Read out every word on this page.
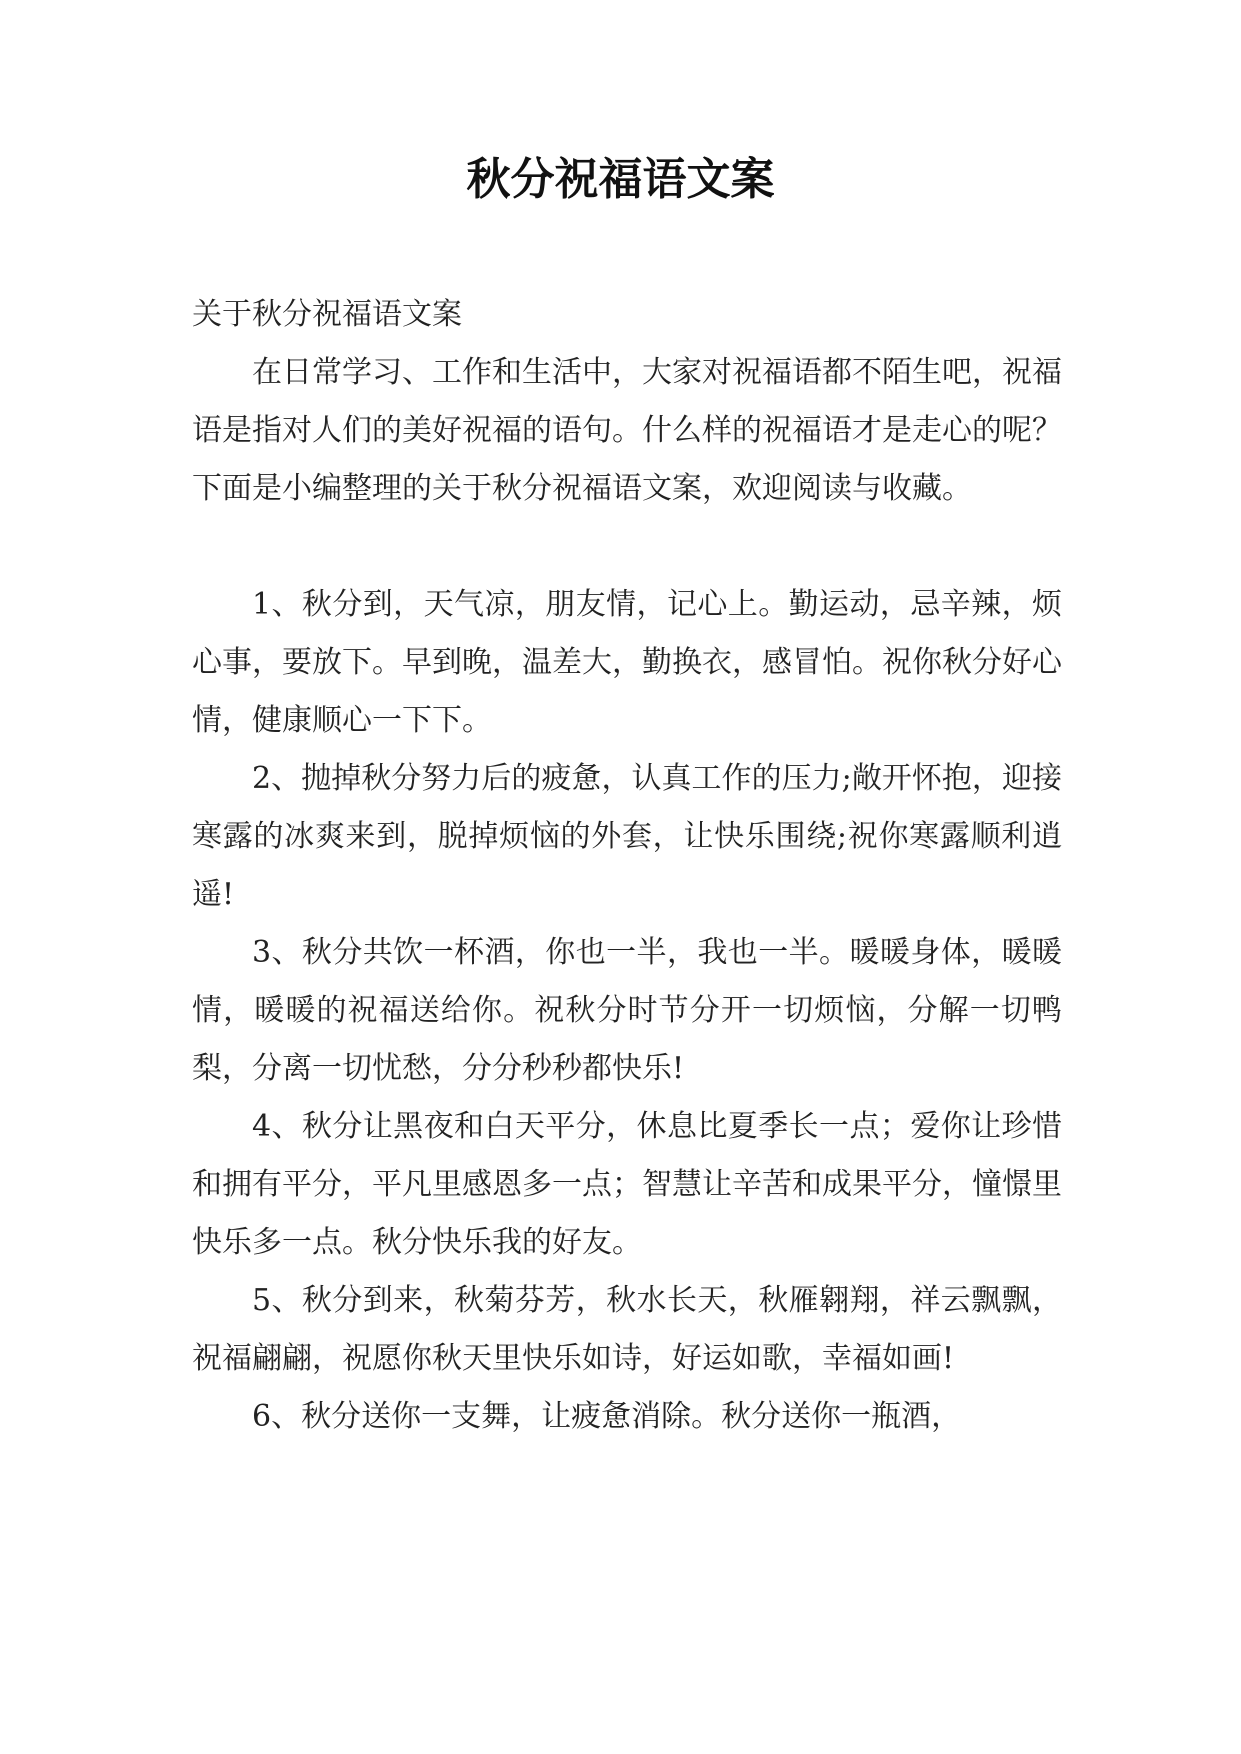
秋分祝福语文案

关于秋分祝福语文案

在日常学习、工作和生活中，大家对祝福语都不陌生吧，祝福语是指对人们的美好祝福的语句。什么样的祝福语才是走心的呢？下面是小编整理的关于秋分祝福语文案，欢迎阅读与收藏。

1、秋分到，天气凉，朋友情，记心上。勤运动，忌辛辣，烦心事，要放下。早到晚，温差大，勤换衣，感冒怕。祝你秋分好心情，健康顺心一下下。

2、抛掉秋分努力后的疲惫，认真工作的压力;敞开怀抱，迎接寒露的冰爽来到，脱掉烦恼的外套，让快乐围绕;祝你寒露顺利逍遥!

3、秋分共饮一杯酒，你也一半，我也一半。暖暖身体，暖暖情，暖暖的祝福送给你。祝秋分时节分开一切烦恼，分解一切鸭梨，分离一切忧愁，分分秒秒都快乐!

4、秋分让黑夜和白天平分，休息比夏季长一点；爱你让珍惜和拥有平分，平凡里感恩多一点；智慧让辛苦和成果平分，憧憬里快乐多一点。秋分快乐我的好友。

5、秋分到来，秋菊芬芳，秋水长天，秋雁翱翔，祥云飘飘，祝福翩翩，祝愿你秋天里快乐如诗，好运如歌，幸福如画!

6、秋分送你一支舞，让疲惫消除。秋分送你一瓶酒，
